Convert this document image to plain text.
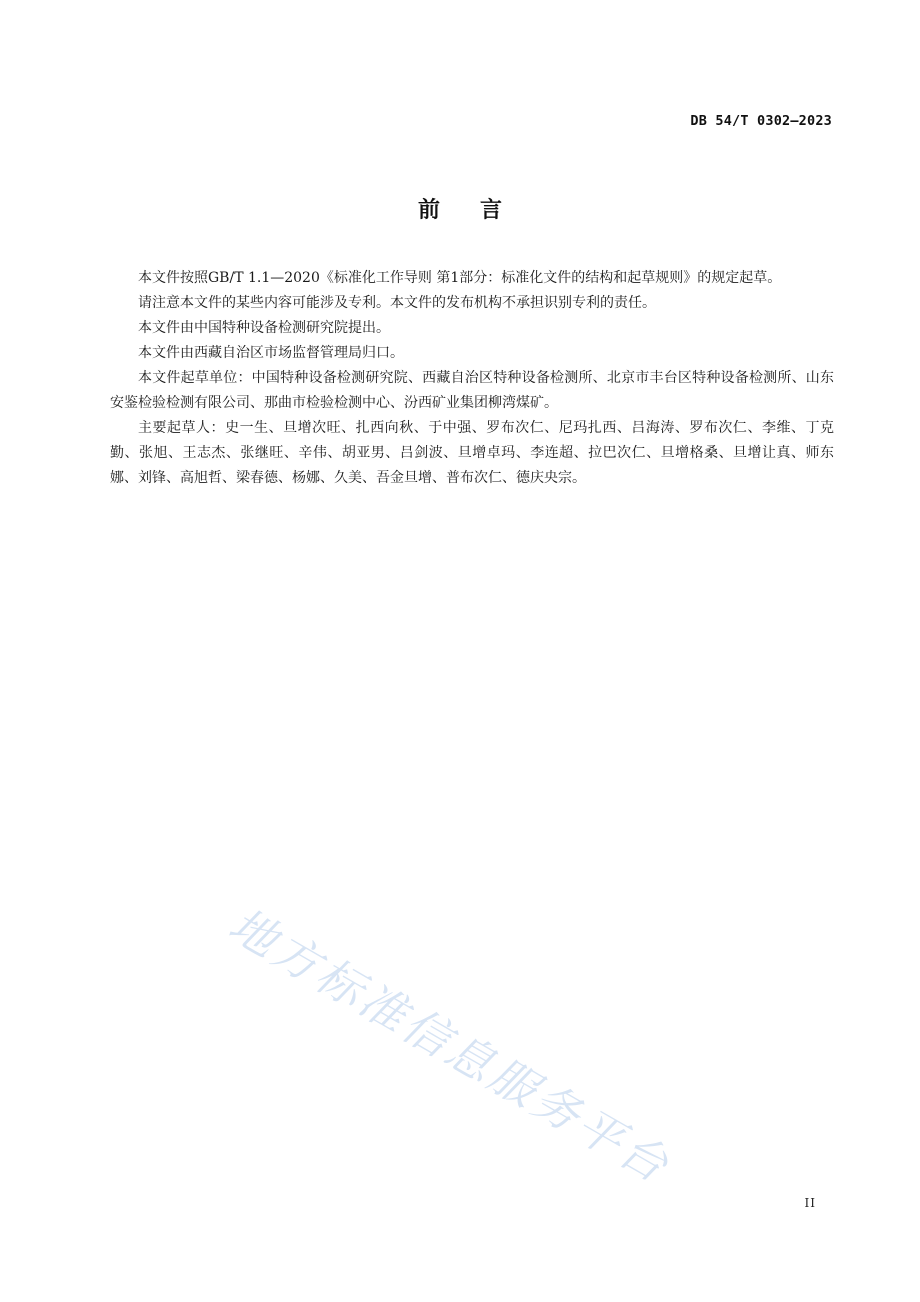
DB 54/T 0302—2023
前言

本文件按照GB/T 1.1—2020《标准化工作导则 第1部分：标准化文件的结构和起草规则》的规定起草。

请注意本文件的某些内容可能涉及专利。本文件的发布机构不承担识别专利的责任。

本文件由中国特种设备检测研究院提出。

本文件由西藏自治区市场监督管理局归口。

本文件起草单位：中国特种设备检测研究院、西藏自治区特种设备检测所、北京市丰台区特种设备检测所、山东安鉴检验检测有限公司、那曲市检验检测中心、汾西矿业集团柳湾煤矿。

主要起草人：史一生、旦增次旺、扎西向秋、于中强、罗布次仁、尼玛扎西、吕海涛、罗布次仁、李维、丁克勤、张旭、王志杰、张继旺、辛伟、胡亚男、吕剑波、旦增卓玛、李连超、拉巴次仁、旦增格桑、旦增让真、师东娜、刘锋、高旭哲、梁春德、杨娜、久美、吾金旦增、普布次仁、德庆央宗。

地方标准信息服务平台
II
